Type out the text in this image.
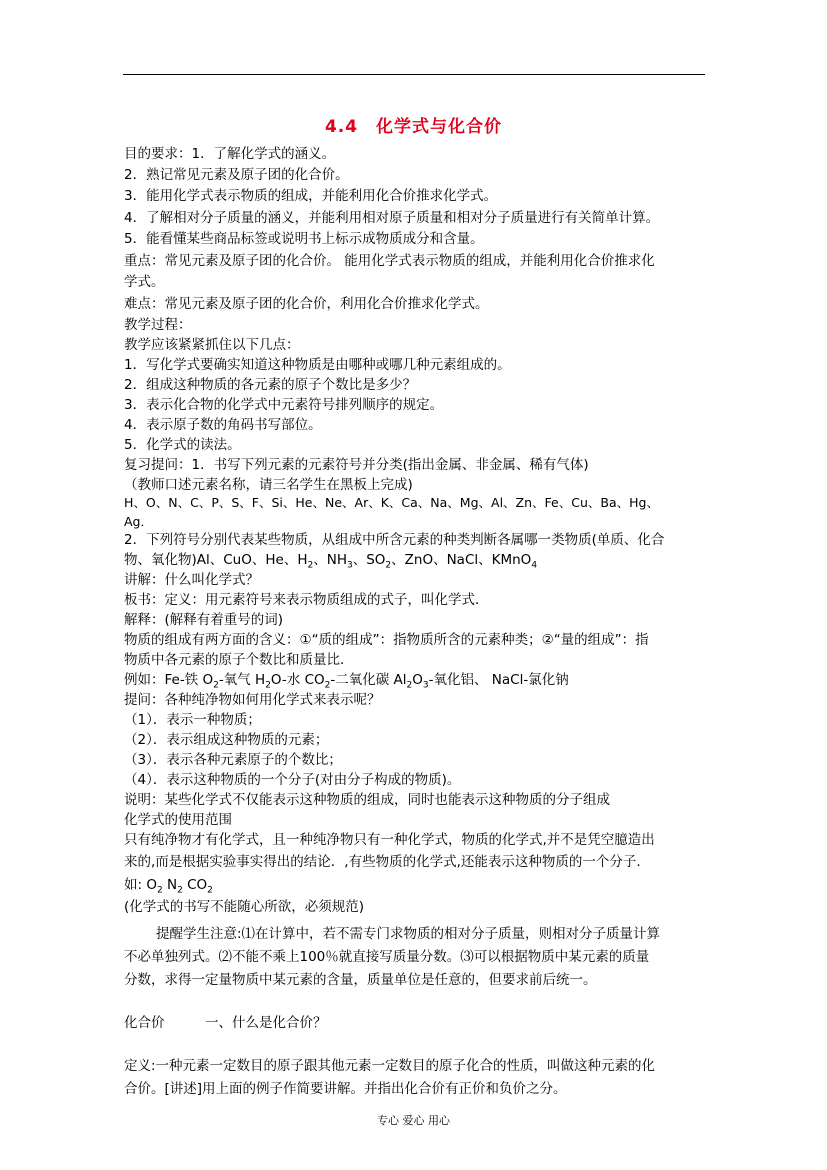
4.4　化学式与化合价
目的要求：1．了解化学式的涵义。
2．熟记常见元素及原子团的化合价。
3．能用化学式表示物质的组成，并能利用化合价推求化学式。
4．了解相对分子质量的涵义，并能利用相对原子质量和相对分子质量进行有关简单计算。
5．能看懂某些商品标签或说明书上标示成物质成分和含量。
重点：常见元素及原子团的化合价。 能用化学式表示物质的组成，并能利用化合价推求化
学式。
难点：常见元素及原子团的化合价，利用化合价推求化学式。
教学过程：
教学应该紧紧抓住以下几点：
1．写化学式要确实知道这种物质是由哪种或哪几种元素组成的。
2．组成这种物质的各元素的原子个数比是多少？
3．表示化合物的化学式中元素符号排列顺序的规定。
4．表示原子数的角码书写部位。
5．化学式的读法。
复习提问：1．书写下列元素的元素符号并分类(指出金属、非金属、稀有气体)
（教师口述元素名称，请三名学生在黑板上完成)
H、O、N、C、P、S、F、Si、He、Ne、Ar、K、Ca、Na、Mg、Al、Zn、Fe、Cu、Ba、Hg、
Ag．
2．下列符号分别代表某些物质，从组成中所含元素的种类判断各属哪一类物质(单质、化合
物、氧化物)Al、CuO、He、$H_2$、$NH_3$、$SO_2$、ZnO、NaCl、KMnO$_4$
讲解：什么叫化学式？
板书：定义：用元素符号来表示物质组成的式子，叫化学式．
解释：(解释有着重号的词)
物质的组成有两方面的含义：①“质的组成”：指物质所含的元素种类；②“量的组成”：指
物质中各元素的原子个数比和质量比．
例如：Fe-铁 $O_2-$氧气 $H_2O-$水 $CO_2-$二氧化碳 $Al_2O_3-$氧化铝、 NaCl-氯化钠
提问：各种纯净物如何用化学式来表示呢？
（1）．表示一种物质；
（2）．表示组成这种物质的元素；
（3）．表示各种元素原子的个数比；
（4）．表示这种物质的一个分子(对由分子构成的物质)。
说明：某些化学式不仅能表示这种物质的组成，同时也能表示这种物质的分子组成
化学式的使用范围
只有纯净物才有化学式，且一种纯净物只有一种化学式，物质的化学式,并不是凭空臆造出
来的,而是根据实验事实得出的结论．,有些物质的化学式,还能表示这种物质的一个分子.
如: $O_2$ $N_2$ $CO_2$
(化学式的书写不能随心所欲，必须规范)
提醒学生注意:⑴在计算中，若不需专门求物质的相对分子质量，则相对分子质量计算
不必单独列式。⑵不能不乘上100％就直接写质量分数。⑶可以根据物质中某元素的质量
分数，求得一定量物质中某元素的含量，质量单位是任意的，但要求前后统一。
化合价　　　一、什么是化合价？
定义:一种元素一定数目的原子跟其他元素一定数目的原子化合的性质，叫做这种元素的化
合价。[讲述]用上面的例子作简要讲解。并指出化合价有正价和负价之分。
专心 爱心 用心
